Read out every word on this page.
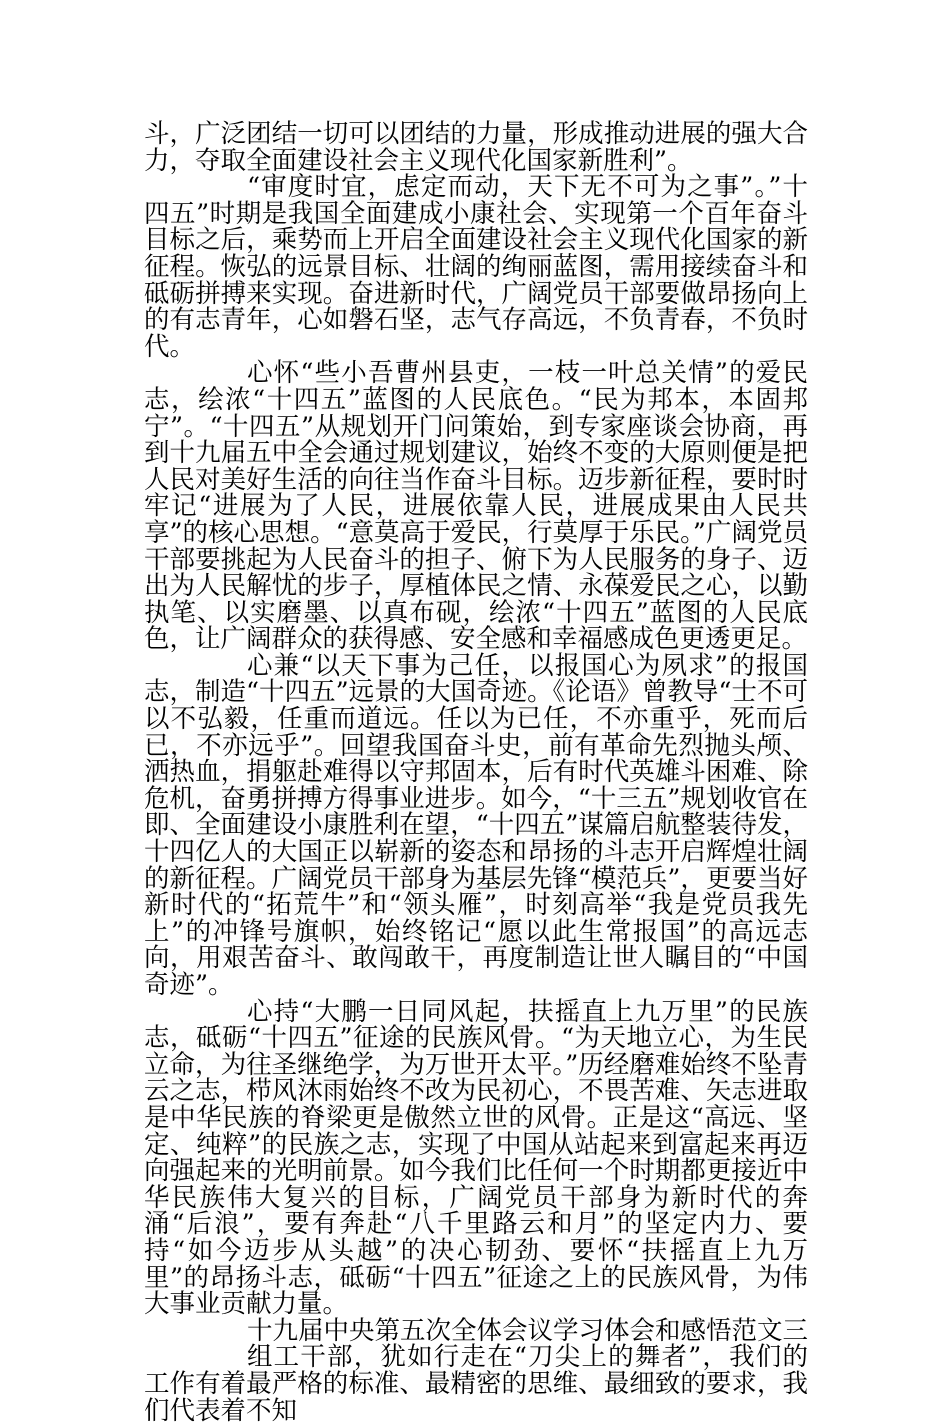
斗，广泛团结一切可以团结的力量，形成推动进展的强大合力，夺取全面建设社会主义现代化国家新胜利”。

“审度时宜，虑定而动，天下无不可为之事”。”十四五”时期是我国全面建成小康社会、实现第一个百年奋斗目标之后，乘势而上开启全面建设社会主义现代化国家的新征程。恢弘的远景目标、壮阔的绚丽蓝图，需用接续奋斗和砥砺拼搏来实现。奋进新时代，广阔党员干部要做昂扬向上的有志青年，心如磐石坚，志气存高远，不负青春，不负时代。

心怀“些小吾曹州县吏，一枝一叶总关情”的爱民志，绘浓“十四五”蓝图的人民底色。“民为邦本，本固邦宁”。“十四五”从规划开门问策始，到专家座谈会协商，再到十九届五中全会通过规划建议，始终不变的大原则便是把人民对美好生活的向往当作奋斗目标。迈步新征程，要时时牢记“进展为了人民，进展依靠人民，进展成果由人民共享”的核心思想。“意莫高于爱民，行莫厚于乐民。”广阔党员干部要挑起为人民奋斗的担子、俯下为人民服务的身子、迈出为人民解忧的步子，厚植体民之情、永葆爱民之心，以勤执笔、以实磨墨、以真布砚，绘浓“十四五”蓝图的人民底色，让广阔群众的获得感、安全感和幸福感成色更透更足。

心兼“以天下事为己任，以报国心为夙求”的报国志，制造“十四五”远景的大国奇迹。《论语》曾教导“士不可以不弘毅，任重而道远。任以为已任，不亦重乎，死而后已，不亦远乎”。回望我国奋斗史，前有革命先烈抛头颅、洒热血，捐躯赴难得以守邦固本，后有时代英雄斗困难、除危机，奋勇拼搏方得事业进步。如今，“十三五”规划收官在即、全面建设小康胜利在望，“十四五”谋篇启航整装待发，十四亿人的大国正以崭新的姿态和昂扬的斗志开启辉煌壮阔的新征程。广阔党员干部身为基层先锋“模范兵”，更要当好新时代的“拓荒牛”和“领头雁”，时刻高举“我是党员我先上”的冲锋号旗帜，始终铭记“愿以此生常报国”的高远志向，用艰苦奋斗、敢闯敢干，再度制造让世人瞩目的“中国奇迹”。

心持“大鹏一日同风起，扶摇直上九万里”的民族志，砥砺“十四五”征途的民族风骨。“为天地立心，为生民立命，为往圣继绝学，为万世开太平。”历经磨难始终不坠青云之志，栉风沐雨始终不改为民初心，不畏苦难、矢志进取是中华民族的脊梁更是傲然立世的风骨。正是这“高远、坚定、纯粹”的民族之志，实现了中国从站起来到富起来再迈向强起来的光明前景。如今我们比任何一个时期都更接近中华民族伟大复兴的目标，广阔党员干部身为新时代的奔涌“后浪”，要有奔赴“八千里路云和月”的坚定内力、要持“如今迈步从头越”的决心韧劲、要怀“扶摇直上九万里”的昂扬斗志，砥砺“十四五”征途之上的民族风骨，为伟大事业贡献力量。

十九届中央第五次全体会议学习体会和感悟范文三

组工干部，犹如行走在“刀尖上的舞者”，我们的工作有着最严格的标准、最精密的思维、最细致的要求，我们代表着不知
